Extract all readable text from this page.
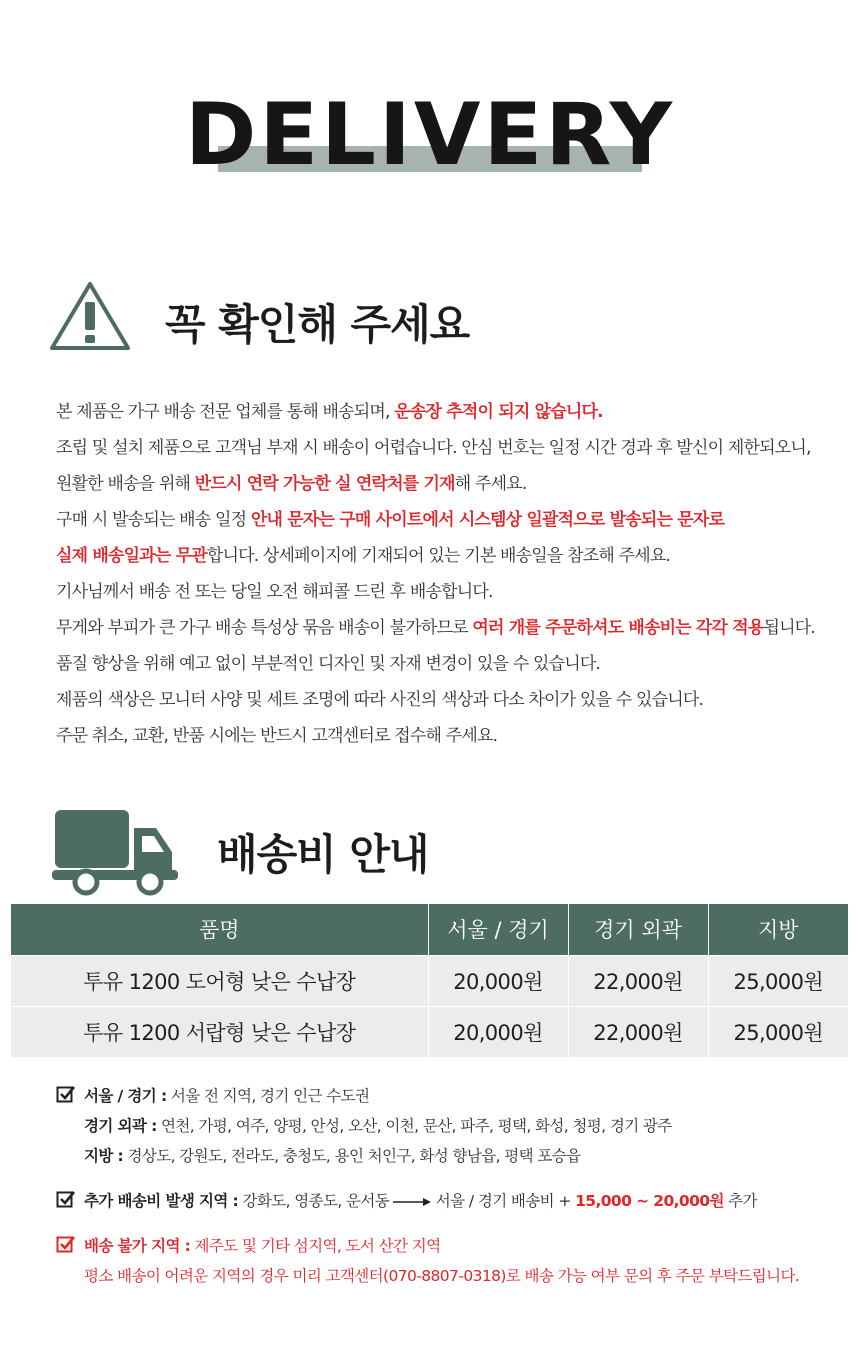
DELIVERY
꼭 확인해 주세요
본 제품은 가구 배송 전문 업체를 통해 배송되며, 운송장 추적이 되지 않습니다.
조립 및 설치 제품으로 고객님 부재 시 배송이 어렵습니다. 안심 번호는 일정 시간 경과 후 발신이 제한되오니,
원활한 배송을 위해 반드시 연락 가능한 실 연락처를 기재해 주세요.
구매 시 발송되는 배송 일정 안내 문자는 구매 사이트에서 시스템상 일괄적으로 발송되는 문자로
실제 배송일과는 무관합니다. 상세페이지에 기재되어 있는 기본 배송일을 참조해 주세요.
기사님께서 배송 전 또는 당일 오전 해피콜 드린 후 배송합니다.
무게와 부피가 큰 가구 배송 특성상 묶음 배송이 불가하므로 여러 개를 주문하셔도 배송비는 각각 적용됩니다.
품질 향상을 위해 예고 없이 부분적인 디자인 및 자재 변경이 있을 수 있습니다.
제품의 색상은 모니터 사양 및 세트 조명에 따라 사진의 색상과 다소 차이가 있을 수 있습니다.
주문 취소, 교환, 반품 시에는 반드시 고객센터로 접수해 주세요.
배송비 안내
품명	서울 / 경기	경기 외곽	지방
투유 1200 도어형 낮은 수납장	20,000원	22,000원	25,000원
투유 1200 서랍형 낮은 수납장	20,000원	22,000원	25,000원
서울 / 경기 : 서울 전 지역, 경기 인근 수도권
경기 외곽 : 연천, 가평, 여주, 양평, 안성, 오산, 이천, 문산, 파주, 평택, 화성, 청평, 경기 광주
지방 : 경상도, 강원도, 전라도, 충청도, 용인 처인구, 화성 향남읍, 평택 포승읍
추가 배송비 발생 지역 : 강화도, 영종도, 운서동	서울 / 경기 배송비 + 15,000 ~ 20,000원 추가
배송 불가 지역 : 제주도 및 기타 섬지역, 도서 산간 지역
평소 배송이 어려운 지역의 경우 미리 고객센터(070-8807-0318)로 배송 가능 여부 문의 후 주문 부탁드립니다.
